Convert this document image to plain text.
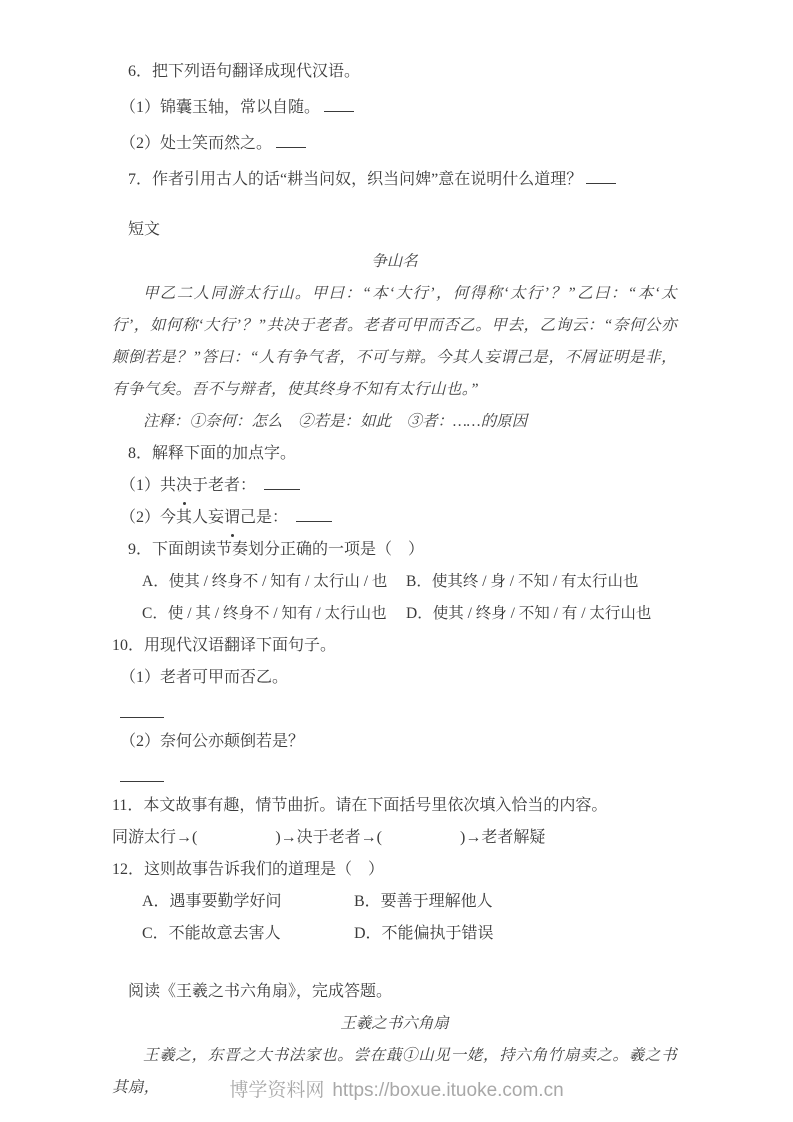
6．把下列语句翻译成现代汉语。

（1）锦囊玉轴，常以自随。

（2）处士笑而然之。

7．作者引用古人的话“耕当问奴，织当问婢”意在说明什么道理？

短文

争山名

甲乙二人同游太行山。甲曰：“本‘大行’，何得称‘太行’？”乙曰：“本‘太行’，如何称‘大行’？”共决于老者。老者可甲而否乙。甲去，乙询云：“奈何公亦颠倒若是？”答曰：“人有争气者，不可与辩。今其人妄谓己是，不屑证明是非，有争气矣。吾不与辩者，使其终身不知有太行山也。”

注释：①奈何：怎么　②若是：如此　③者：……的原因

8．解释下面的加点字。

（1）共决于老者：

（2）今其人妄谓己是：

9．下面朗读节奏划分正确的一项是（　）

A．使其 / 终身不 / 知有 / 太行山 / 也	B．使其终 / 身 / 不知 / 有太行山也

C．使 / 其 / 终身不 / 知有 / 太行山也	D．使其 / 终身 / 不知 / 有 / 太行山也

10．用现代汉语翻译下面句子。

（1）老者可甲而否乙。

（2）奈何公亦颠倒若是？

11．本文故事有趣，情节曲折。请在下面括号里依次填入恰当的内容。

同游太行→(	)→决于老者→(	)→老者解疑

12．这则故事告诉我们的道理是（　）

A．遇事要勤学好问	B．要善于理解他人

C．不能故意去害人	D．不能偏执于错误

阅读《王羲之书六角扇》，完成答题。

王羲之书六角扇

王羲之，东晋之大书法家也。尝在蕺①山见一姥，持六角竹扇卖之。羲之书其扇，	博学资料网 https://boxue.ituoke.com.cn
